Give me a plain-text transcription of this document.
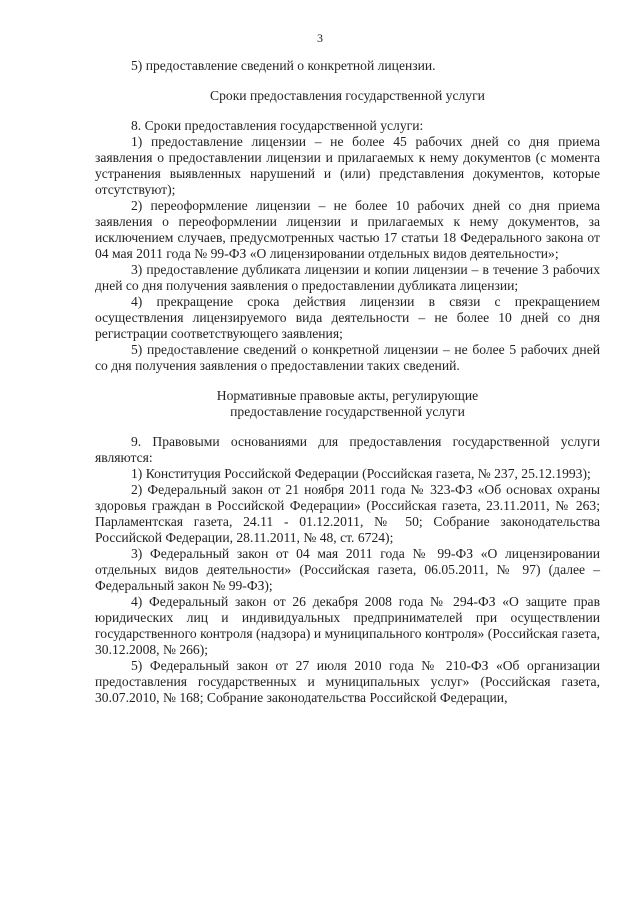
3

5) предоставление сведений о конкретной лицензии.

Сроки предоставления государственной услуги

8. Сроки предоставления государственной услуги:

1) предоставление лицензии – не более 45 рабочих дней со дня приема заявления о предоставлении лицензии и прилагаемых к нему документов (с момента устранения выявленных нарушений и (или) представления документов, которые отсутствуют);

2) переоформление лицензии – не более 10 рабочих дней со дня приема заявления о переоформлении лицензии и прилагаемых к нему документов, за исключением случаев, предусмотренных частью 17 статьи 18 Федерального закона от 04 мая 2011 года № 99-ФЗ «О лицензировании отдельных видов деятельности»;

3) предоставление дубликата лицензии и копии лицензии – в течение 3 рабочих дней со дня получения заявления о предоставлении дубликата лицензии;

4) прекращение срока действия лицензии в связи с прекращением осуществления лицензируемого вида деятельности – не более 10 дней со дня регистрации соответствующего заявления;

5) предоставление сведений о конкретной лицензии – не более 5 рабочих дней со дня получения заявления о предоставлении таких сведений.

Нормативные правовые акты, регулирующие

предоставление государственной услуги

9. Правовыми основаниями для предоставления государственной услуги являются:

1) Конституция Российской Федерации (Российская газета, № 237, 25.12.1993);

2) Федеральный закон от 21 ноября 2011 года № 323-ФЗ «Об основах охраны здоровья граждан в Российской Федерации» (Российская газета, 23.11.2011, № 263; Парламентская газета, 24.11 - 01.12.2011, № 50; Собрание законодательства Российской Федерации, 28.11.2011, № 48, ст. 6724);

3) Федеральный закон от 04 мая 2011 года № 99-ФЗ «О лицензировании отдельных видов деятельности» (Российская газета, 06.05.2011, № 97) (далее – Федеральный закон № 99-ФЗ);

4) Федеральный закон от 26 декабря 2008 года № 294-ФЗ «О защите прав юридических лиц и индивидуальных предпринимателей при осуществлении государственного контроля (надзора) и муниципального контроля» (Российская газета, 30.12.2008, № 266);

5) Федеральный закон от 27 июля 2010 года № 210-ФЗ «Об организации предоставления государственных и муниципальных услуг» (Российская газета, 30.07.2010, № 168; Собрание законодательства Российской Федерации,
